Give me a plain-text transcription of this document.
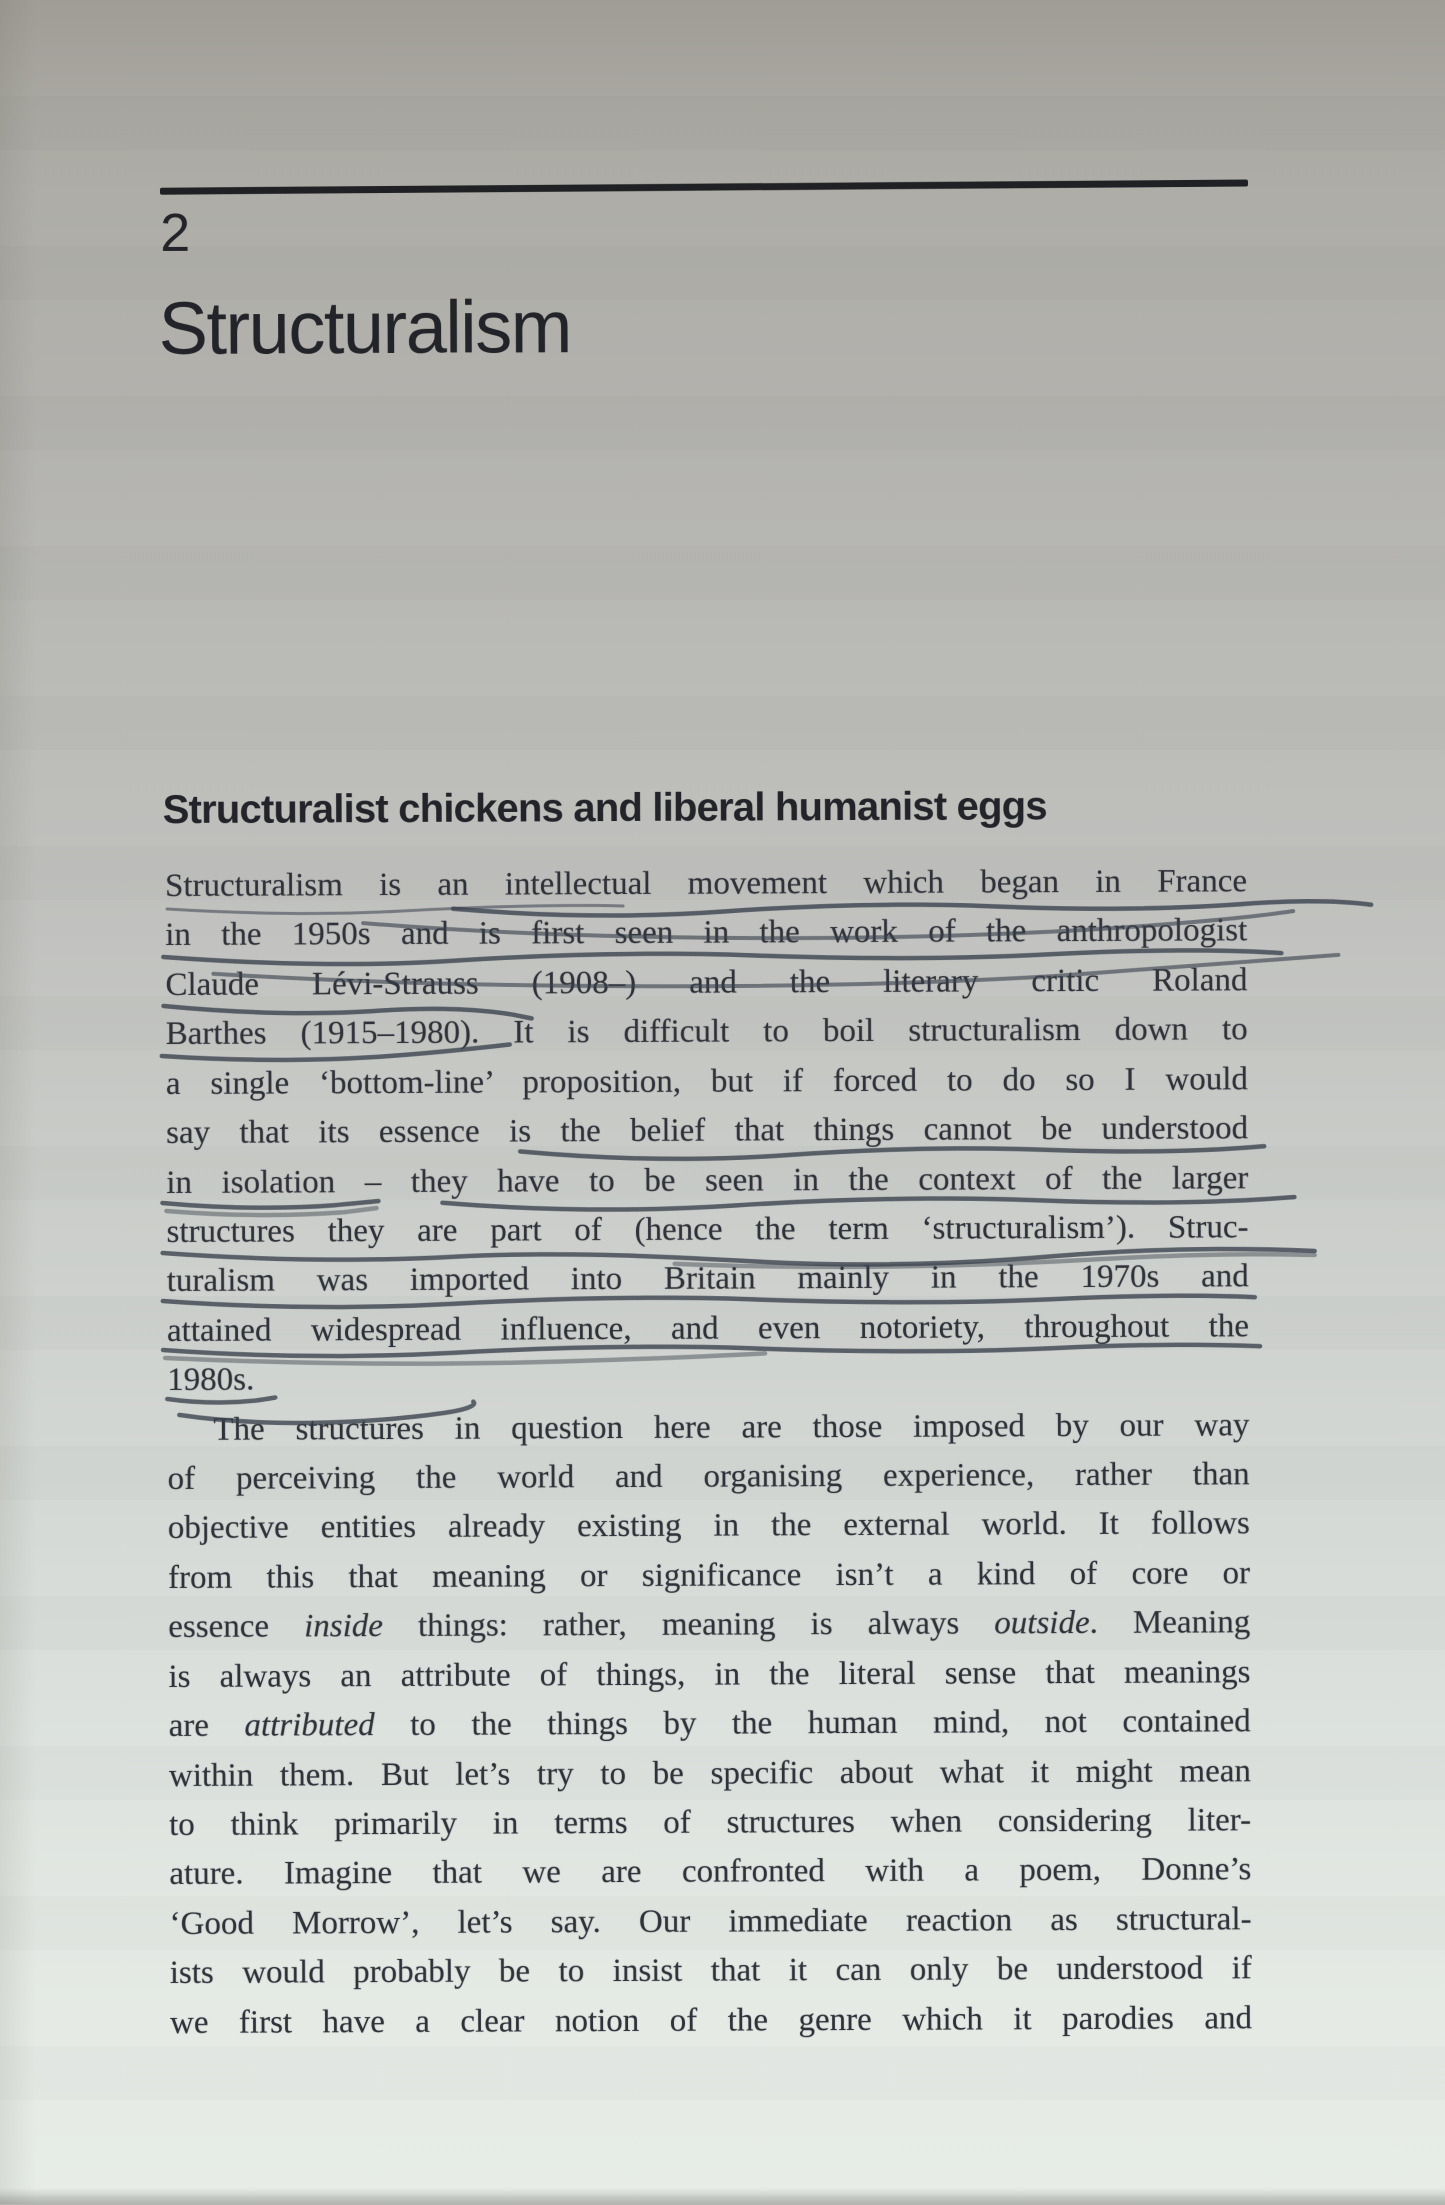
2
Structuralism
Structuralist chickens and liberal humanist eggs
Structuralism is an intellectual movement which began in France
in the 1950s and is first seen in the work of the anthropologist
Claude Lévi-Strauss (1908–) and the literary critic Roland
Barthes (1915–1980). It is difficult to boil structuralism down to
a single ‘bottom-line’ proposition, but if forced to do so I would
say that its essence is the belief that things cannot be understood
in isolation – they have to be seen in the context of the larger
structures they are part of (hence the term ‘structuralism’). Struc-
turalism was imported into Britain mainly in the 1970s and
attained widespread influence, and even notoriety, throughout the
1980s.
The structures in question here are those imposed by our way
of perceiving the world and organising experience, rather than
objective entities already existing in the external world. It follows
from this that meaning or significance isn’t a kind of core or
essence inside things: rather, meaning is always outside. Meaning
is always an attribute of things, in the literal sense that meanings
are attributed to the things by the human mind, not contained
within them. But let’s try to be specific about what it might mean
to think primarily in terms of structures when considering liter-
ature. Imagine that we are confronted with a poem, Donne’s
‘Good Morrow’, let’s say. Our immediate reaction as structural-
ists would probably be to insist that it can only be understood if
we first have a clear notion of the genre which it parodies and
